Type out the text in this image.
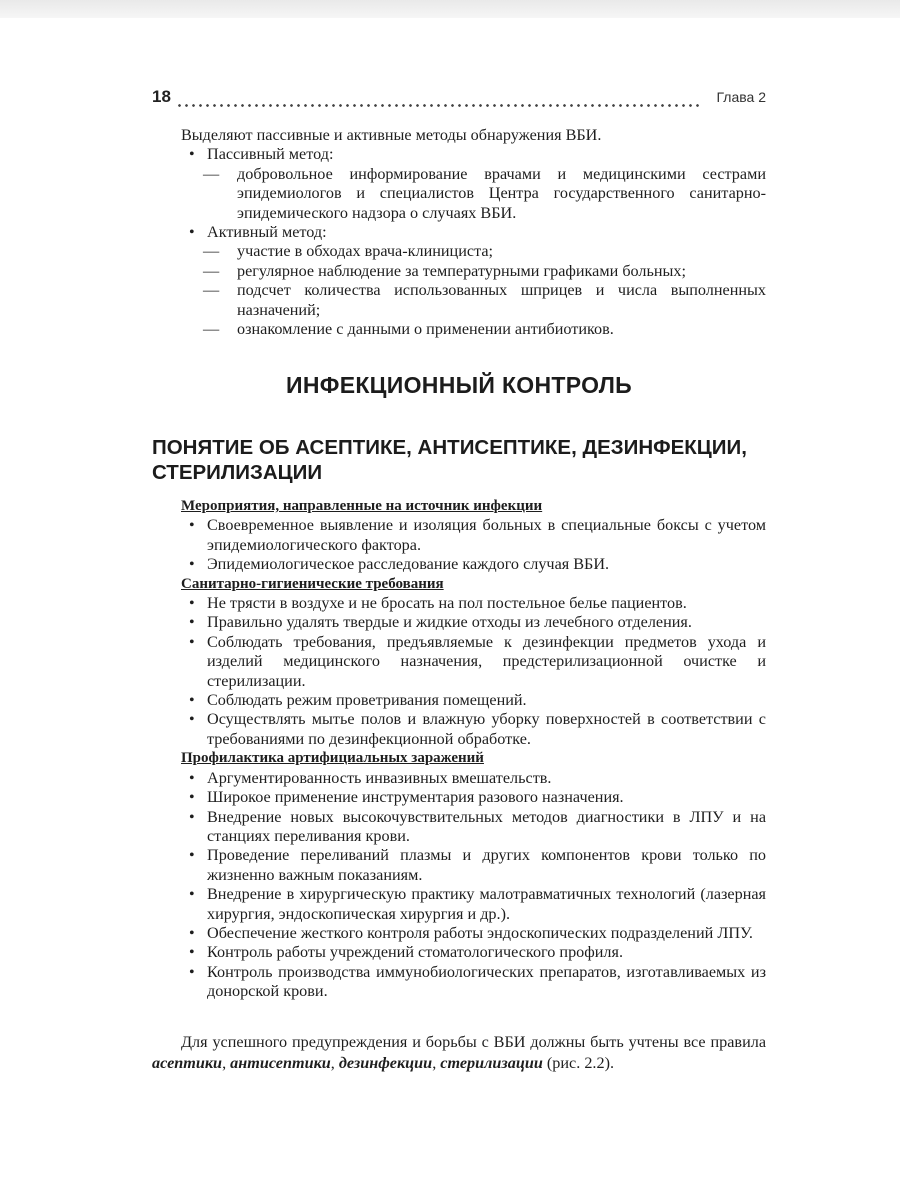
18	Глава 2

Выделяют пассивные и активные методы обнаружения ВБИ.

• Пассивный метод:

— добровольное информирование врачами и медицинскими сестрами эпидемиологов и специалистов Центра государственного санитарно-эпидемического надзора о случаях ВБИ.

• Активный метод:

— участие в обходах врача-клинициста;

— регулярное наблюдение за температурными графиками больных;

— подсчет количества использованных шприцев и числа выполненных назначений;

— ознакомление с данными о применении антибиотиков.

ИНФЕКЦИОННЫЙ КОНТРОЛЬ
ПОНЯТИЕ ОБ АСЕПТИКЕ, АНТИСЕПТИКЕ, ДЕЗИНФЕКЦИИ, СТЕРИЛИЗАЦИИ

Мероприятия, направленные на источник инфекции

• Своевременное выявление и изоляция больных в специальные боксы с учетом эпидемиологического фактора.

• Эпидемиологическое расследование каждого случая ВБИ.

Санитарно-гигиенические требования

• Не трясти в воздухе и не бросать на пол постельное белье пациентов.

• Правильно удалять твердые и жидкие отходы из лечебного отделения.

• Соблюдать требования, предъявляемые к дезинфекции предметов ухода и изделий медицинского назначения, предстерилизационной очистке и стерилизации.

• Соблюдать режим проветривания помещений.

• Осуществлять мытье полов и влажную уборку поверхностей в соответствии с требованиями по дезинфекционной обработке.

Профилактика артифициальных заражений

• Аргументированность инвазивных вмешательств.

• Широкое применение инструментария разового назначения.

• Внедрение новых высокочувствительных методов диагностики в ЛПУ и на станциях переливания крови.

• Проведение переливаний плазмы и других компонентов крови только по жизненно важным показаниям.

• Внедрение в хирургическую практику малотравматичных технологий (лазерная хирургия, эндоскопическая хирургия и др.).

• Обеспечение жесткого контроля работы эндоскопических подразделений ЛПУ.

• Контроль работы учреждений стоматологического профиля.

• Контроль производства иммунобиологических препаратов, изготавливаемых из донорской крови.

Для успешного предупреждения и борьбы с ВБИ должны быть учтены все правила асептики, антисептики, дезинфекции, стерилизации (рис. 2.2).
